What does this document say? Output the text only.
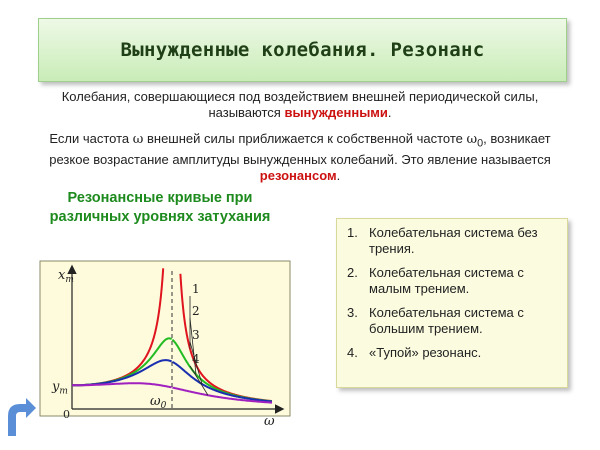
Вынужденные колебания. Резонанс
Колебания, совершающиеся под воздействием внешней периодической силы, называются вынужденными.
Если частота ω внешней силы приближается к собственной частоте $\omega_0$, возникает резкое возрастание амплитуды вынужденных колебаний. Это явление называется резонансом.
Резонансные кривые при различных уровнях затухания
1
2
3
4
$x_m$
ω
0
$y_m$
$\omega_0$
1. Колебательная система без трения.
2. Колебательная система с малым трением.
3. Колебательная система с большим трением.
4. «Тупой» резонанс.
